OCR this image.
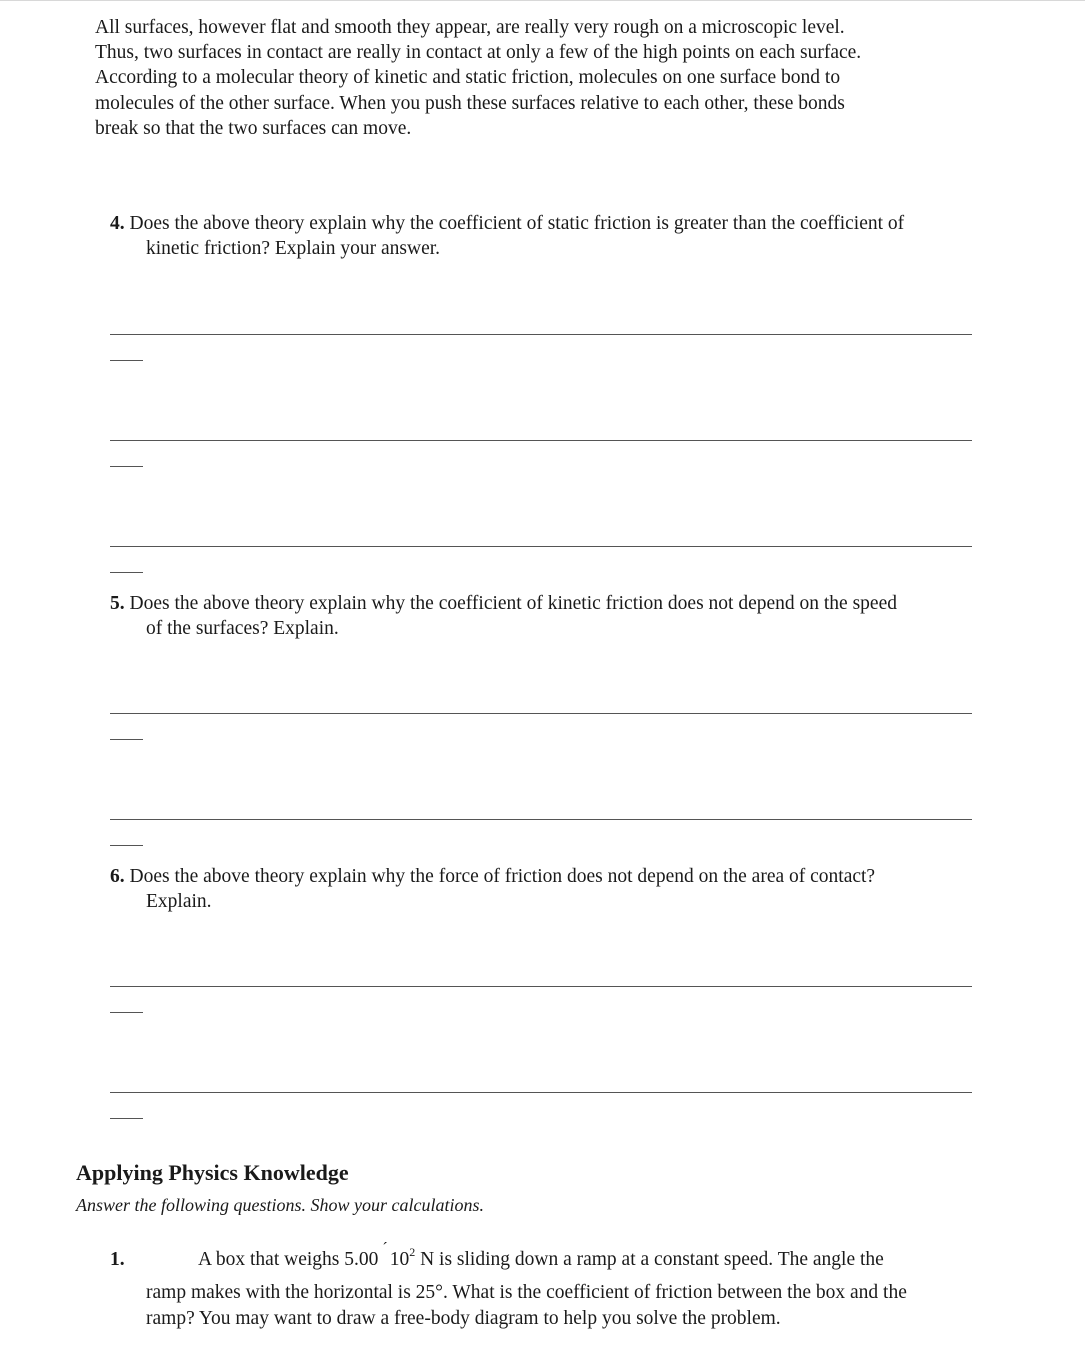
All surfaces, however flat and smooth they appear, are really very rough on a microscopic level.
Thus, two surfaces in contact are really in contact at only a few of the high points on each surface.
According to a molecular theory of kinetic and static friction, molecules on one surface bond to
molecules of the other surface. When you push these surfaces relative to each other, these bonds
break so that the two surfaces can move.
4. Does the above theory explain why the coefficient of static friction is greater than the coefficient of
kinetic friction? Explain your answer.
5. Does the above theory explain why the coefficient of kinetic friction does not depend on the speed
of the surfaces? Explain.
6. Does the above theory explain why the force of friction does not depend on the area of contact?
Explain.
Applying Physics Knowledge
Answer the following questions. Show your calculations.
1.	A box that weighs $5.00´10^2$ N is sliding down a ramp at a constant speed. The angle the
ramp makes with the horizontal is 25°. What is the coefficient of friction between the box and the
ramp? You may want to draw a free-body diagram to help you solve the problem.
